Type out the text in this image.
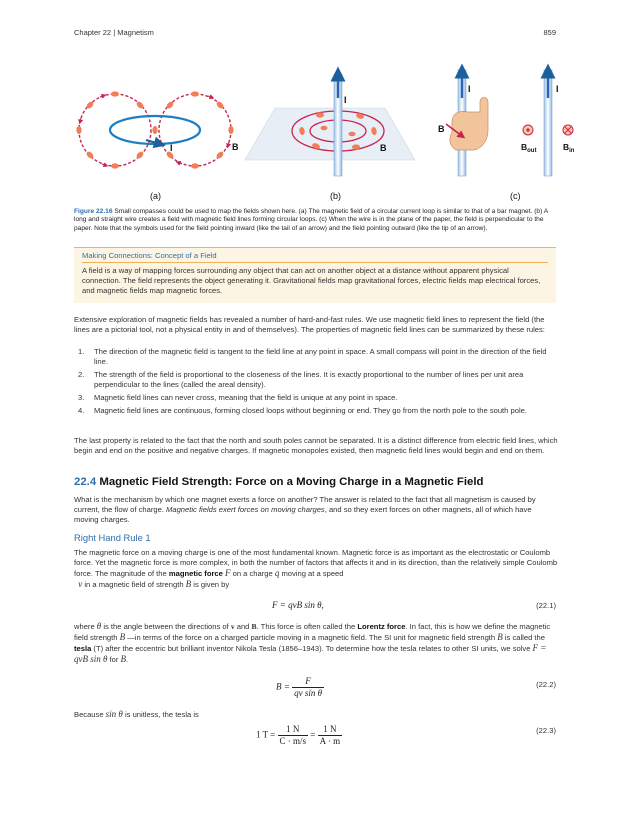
Chapter 22 | Magnetism	859
I	B
I
B
I
B
I
$B_{out}$	$B_{in}$
(a)	(b)	(c)
Figure 22.16 Small compasses could be used to map the fields shown here. (a) The magnetic field of a circular current loop is similar to that of a bar magnet. (b) A long and straight wire creates a field with magnetic field lines forming circular loops. (c) When the wire is in the plane of the paper, the field is perpendicular to the paper. Note that the symbols used for the field pointing inward (like the tail of an arrow) and the field pointing outward (like the tip of an arrow).
Making Connections: Concept of a Field
A field is a way of mapping forces surrounding any object that can act on another object at a distance without apparent physical connection. The field represents the object generating it. Gravitational fields map gravitational forces, electric fields map electrical forces, and magnetic fields map magnetic forces.
Extensive exploration of magnetic fields has revealed a number of hard-and-fast rules. We use magnetic field lines to represent the field (the lines are a pictorial tool, not a physical entity in and of themselves). The properties of magnetic field lines can be summarized by these rules:
1. The direction of the magnetic field is tangent to the field line at any point in space. A small compass will point in the direction of the field line.
2. The strength of the field is proportional to the closeness of the lines. It is exactly proportional to the number of lines per unit area perpendicular to the lines (called the areal density).
3. Magnetic field lines can never cross, meaning that the field is unique at any point in space.
4. Magnetic field lines are continuous, forming closed loops without beginning or end. They go from the north pole to the south pole.
The last property is related to the fact that the north and south poles cannot be separated. It is a distinct difference from electric field lines, which begin and end on the positive and negative charges. If magnetic monopoles existed, then magnetic field lines would begin and end on them.
22.4 Magnetic Field Strength: Force on a Moving Charge in a Magnetic Field
What is the mechanism by which one magnet exerts a force on another? The answer is related to the fact that all magnetism is caused by current, the flow of charge. Magnetic fields exert forces on moving charges, and so they exert forces on other magnets, all of which have moving charges.
Right Hand Rule 1
The magnetic force on a moving charge is one of the most fundamental known. Magnetic force is as important as the electrostatic or Coulomb force. Yet the magnetic force is more complex, in both the number of factors that affects it and in its direction, than the relatively simple Coulomb force. The magnitude of the magnetic force F on a charge q moving at a speed
v in a magnetic field of strength B is given by
F = qvB sin θ,	(22.1)
where θ is the angle between the directions of v and B. This force is often called the Lorentz force. In fact, this is how we define the magnetic field strength B —in terms of the force on a charged particle moving in a magnetic field. The SI unit for magnetic field strength B is called the tesla (T) after the eccentric but brilliant inventor Nikola Tesla (1856–1943). To determine how the tesla relates to other SI units, we solve F = qvB sin θ for B.
$B = \frac{F}{\text{qv sin θ}}$	(22.2)
Because sin θ is unitless, the tesla is
1 $T = \frac{1 N}{C \cdot m/s} = \frac{1 N}{A \cdot m}$	(22.3)
